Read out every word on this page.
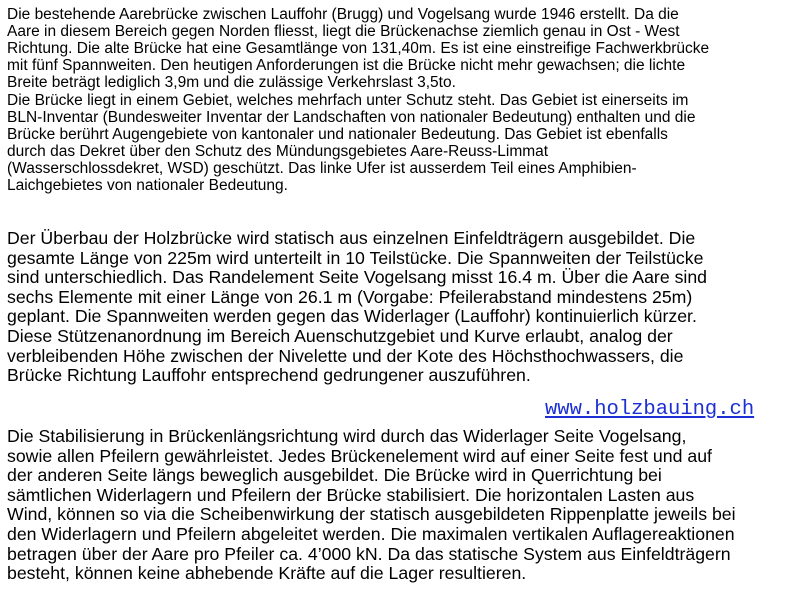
Die bestehende Aarebrücke zwischen Lauffohr (Brugg) und Vogelsang wurde 1946 erstellt. Da die
Aare in diesem Bereich gegen Norden fliesst, liegt die Brückenachse ziemlich genau in Ost - West
Richtung. Die alte Brücke hat eine Gesamtlänge von 131,40m. Es ist eine einstreifige Fachwerkbrücke
mit fünf Spannweiten. Den heutigen Anforderungen ist die Brücke nicht mehr gewachsen; die lichte
Breite beträgt lediglich 3,9m und die zulässige Verkehrslast 3,5to.
Die Brücke liegt in einem Gebiet, welches mehrfach unter Schutz steht. Das Gebiet ist einerseits im
BLN-Inventar (Bundesweiter Inventar der Landschaften von nationaler Bedeutung) enthalten und die
Brücke berührt Augengebiete von kantonaler und nationaler Bedeutung. Das Gebiet ist ebenfalls
durch das Dekret über den Schutz des Mündungsgebietes Aare-Reuss-Limmat
(Wasserschlossdekret, WSD) geschützt. Das linke Ufer ist ausserdem Teil eines Amphibien-
Laichgebietes von nationaler Bedeutung.
Der Überbau der Holzbrücke wird statisch aus einzelnen Einfeldträgern ausgebildet. Die
gesamte Länge von 225m wird unterteilt in 10 Teilstücke. Die Spannweiten der Teilstücke
sind unterschiedlich. Das Randelement Seite Vogelsang misst 16.4 m. Über die Aare sind
sechs Elemente mit einer Länge von 26.1 m (Vorgabe: Pfeilerabstand mindestens 25m)
geplant. Die Spannweiten werden gegen das Widerlager (Lauffohr) kontinuierlich kürzer.
Diese Stützenanordnung im Bereich Auenschutzgebiet und Kurve erlaubt, analog der
verbleibenden Höhe zwischen der Nivelette und der Kote des Höchsthochwassers, die
Brücke Richtung Lauffohr entsprechend gedrungener auszuführen.
Die Stabilisierung in Brückenlängsrichtung wird durch das Widerlager Seite Vogelsang,
sowie allen Pfeilern gewährleistet. Jedes Brückenelement wird auf einer Seite fest und auf
der anderen Seite längs beweglich ausgebildet. Die Brücke wird in Querrichtung bei
sämtlichen Widerlagern und Pfeilern der Brücke stabilisiert. Die horizontalen Lasten aus
Wind, können so via die Scheibenwirkung der statisch ausgebildeten Rippenplatte jeweils bei
den Widerlagern und Pfeilern abgeleitet werden. Die maximalen vertikalen Auflagereaktionen
betragen über der Aare pro Pfeiler ca. 4’000 kN. Da das statische System aus Einfeldträgern
besteht, können keine abhebende Kräfte auf die Lager resultieren.
www.holzbauing.ch
